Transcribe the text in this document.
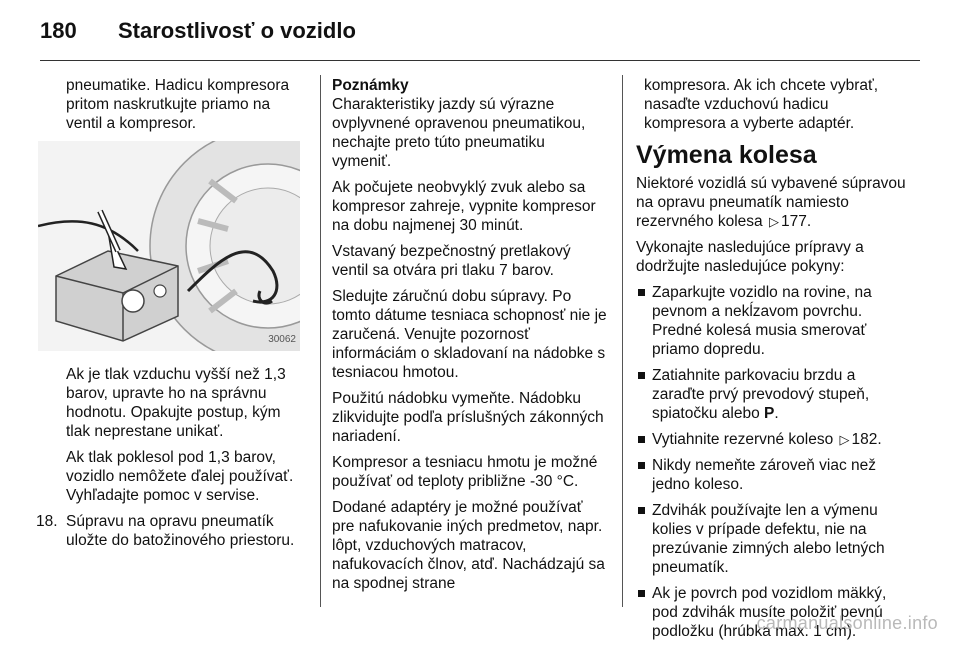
180	Starostlivosť o vozidlo

pneumatike. Hadicu kompresora pritom naskrutkujte priamo na ventil a kompresor.

30062

Ak je tlak vzduchu vyšší než 1,3 barov, upravte ho na správnu hodnotu. Opakujte postup, kým tlak neprestane unikať.

Ak tlak poklesol pod 1,3 barov, vozidlo nemôžete ďalej používať. Vyhľadajte pomoc v servise.

18. Súpravu na opravu pneumatík uložte do batožinového priestoru.
Poznámky

Charakteristiky jazdy sú výrazne ovplyvnené opravenou pneumatikou, nechajte preto túto pneumatiku vymeniť.

Ak počujete neobvyklý zvuk alebo sa kompresor zahreje, vypnite kompresor na dobu najmenej 30 minút.

Vstavaný bezpečnostný pretlakový ventil sa otvára pri tlaku 7 barov.

Sledujte záručnú dobu súpravy. Po tomto dátume tesniaca schopnosť nie je zaručená. Venujte pozornosť informáciám o skladovaní na nádobke s tesniacou hmotou.

Použitú nádobku vymeňte. Nádobku zlikvidujte podľa príslušných zákonných nariadení.

Kompresor a tesniacu hmotu je možné používať od teploty približne -30 °C.

Dodané adaptéry je možné používať pre nafukovanie iných predmetov, napr. lôpt, vzduchových matracov, nafukovacích člnov, atď. Nachádzajú sa na spodnej strane

kompresora. Ak ich chcete vybrať, nasaďte vzduchovú hadicu kompresora a vyberte adaptér.

Výmena kolesa

Niektoré vozidlá sú vybavené súpravou na opravu pneumatík namiesto rezervného kolesa ▷ 177.

Vykonajte nasledujúce prípravy a dodržujte nasledujúce pokyny:

Zaparkujte vozidlo na rovine, na pevnom a nekĺzavom povrchu. Predné kolesá musia smerovať priamo dopredu.
Zatiahnite parkovaciu brzdu a zaraďte prvý prevodový stupeň, spiatočku alebo P.
Vytiahnite rezervné koleso ▷ 182.
Nikdy nemeňte zároveň viac než jedno koleso.
Zdvihák používajte len a výmenu kolies v prípade defektu, nie na prezúvanie zimných alebo letných pneumatík.
Ak je povrch pod vozidlom mäkký, pod zdvihák musíte položiť pevnú podložku (hrúbka max. 1 cm).
carmanualsonline.info
